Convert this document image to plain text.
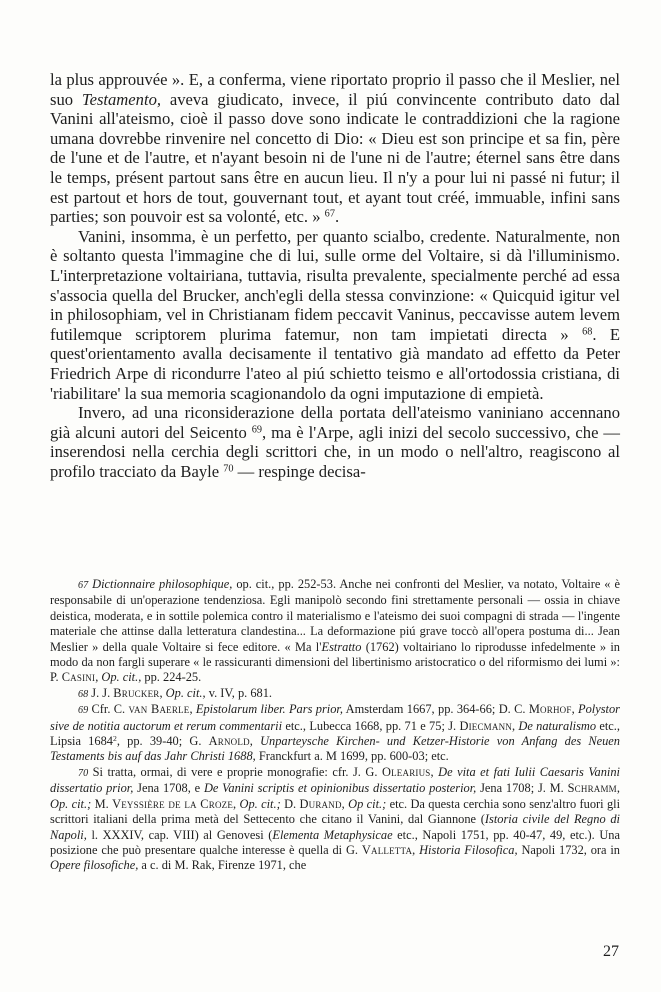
la plus approuvée ». E, a conferma, viene riportato proprio il passo che il Meslier, nel suo Testamento, aveva giudicato, invece, il piú convincente contributo dato dal Vanini all'ateismo, cioè il passo dove sono indicate le contraddizioni che la ragione umana dovrebbe rinvenire nel concetto di Dio: « Dieu est son principe et sa fin, père de l'une et de l'autre, et n'ayant besoin ni de l'une ni de l'autre; éternel sans être dans le temps, présent partout sans être en aucun lieu. Il n'y a pour lui ni passé ni futur; il est partout et hors de tout, gouvernant tout, et ayant tout créé, immuable, infini sans parties; son pouvoir est sa volonté, etc. » $^{67}$.

Vanini, insomma, è un perfetto, per quanto scialbo, credente. Naturalmente, non è soltanto questa l'immagine che di lui, sulle orme del Voltaire, si dà l'illuminismo. L'interpretazione voltairiana, tuttavia, risulta prevalente, specialmente perché ad essa s'associa quella del Brucker, anch'egli della stessa convinzione: « Quicquid igitur vel in philosophiam, vel in Christianam fidem peccavit Vaninus, peccavisse autem levem futilemque scriptorem plurima fatemur, non tam impietati directa » $^{68}$. E quest'orientamento avalla decisamente il tentativo già mandato ad effetto da Peter Friedrich Arpe di ricondurre l'ateo al piú schietto teismo e all'ortodossia cristiana, di 'riabilitare' la sua memoria scagionandolo da ogni imputazione di empietà.

Invero, ad una riconsiderazione della portata dell'ateismo vaniniano accennano già alcuni autori del Seicento $^{69}$, ma è l'Arpe, agli inizi del secolo successivo, che — inserendosi nella cerchia degli scrittori che, in un modo o nell'altro, reagiscono al profilo tracciato da Bayle $^{70}$ — respinge decisa-

67 Dictionnaire philosophique, op. cit., pp. 252-53. Anche nei confronti del Meslier, va notato, Voltaire « è responsabile di un'operazione tendenziosa. Egli manipolò secondo fini strettamente personali — ossia in chiave deistica, moderata, e in sottile polemica contro il materialismo e l'ateismo dei suoi compagni di strada — l'ingente materiale che attinse dalla letteratura clandestina... La deformazione piú grave toccò all'opera postuma di... Jean Meslier » della quale Voltaire si fece editore. « Ma l'Estratto (1762) voltairiano lo riprodusse infedelmente » in modo da non fargli superare « le rassicuranti dimensioni del libertinismo aristocratico o del riformismo dei lumi »: P. Casini, Op. cit., pp. 224-25.

68 J. J. Brucker, Op. cit., v. IV, p. 681.

69 Cfr. C. van Baerle, Epistolarum liber. Pars prior, Amsterdam 1667, pp. 364-66; D. C. Morhof, Polystor sive de notitia auctorum et rerum commentarii etc., Lubecca 1668, pp. 71 e 75; J. Diecmann, De naturalismo etc., Lipsia 1684$^2$, pp. 39-40; G. Arnold, Unparteysche Kirchen- und Ketzer-Historie von Anfang des Neuen Testaments bis auf das Jahr Christi 1688, Franckfurt a. M 1699, pp. 600-03; etc.

70 Si tratta, ormai, di vere e proprie monografie: cfr. J. G. Olearius, De vita et fati Iulii Caesaris Vanini dissertatio prior, Jena 1708, e De Vanini scriptis et opinionibus dissertatio posterior, Jena 1708; J. M. Schramm, Op. cit.; M. Veyssière de la Croze, Op. cit.; D. Durand, Op cit.; etc. Da questa cerchia sono senz'altro fuori gli scrittori italiani della prima metà del Settecento che citano il Vanini, dal Giannone (Istoria civile del Regno di Napoli, l. XXXIV, cap. VIII) al Genovesi (Elementa Metaphysicae etc., Napoli 1751, pp. 40-47, 49, etc.). Una posizione che può presentare qualche interesse è quella di G. Valletta, Historia Filosofica, Napoli 1732, ora in Opere filosofiche, a c. di M. Rak, Firenze 1971, che

27
